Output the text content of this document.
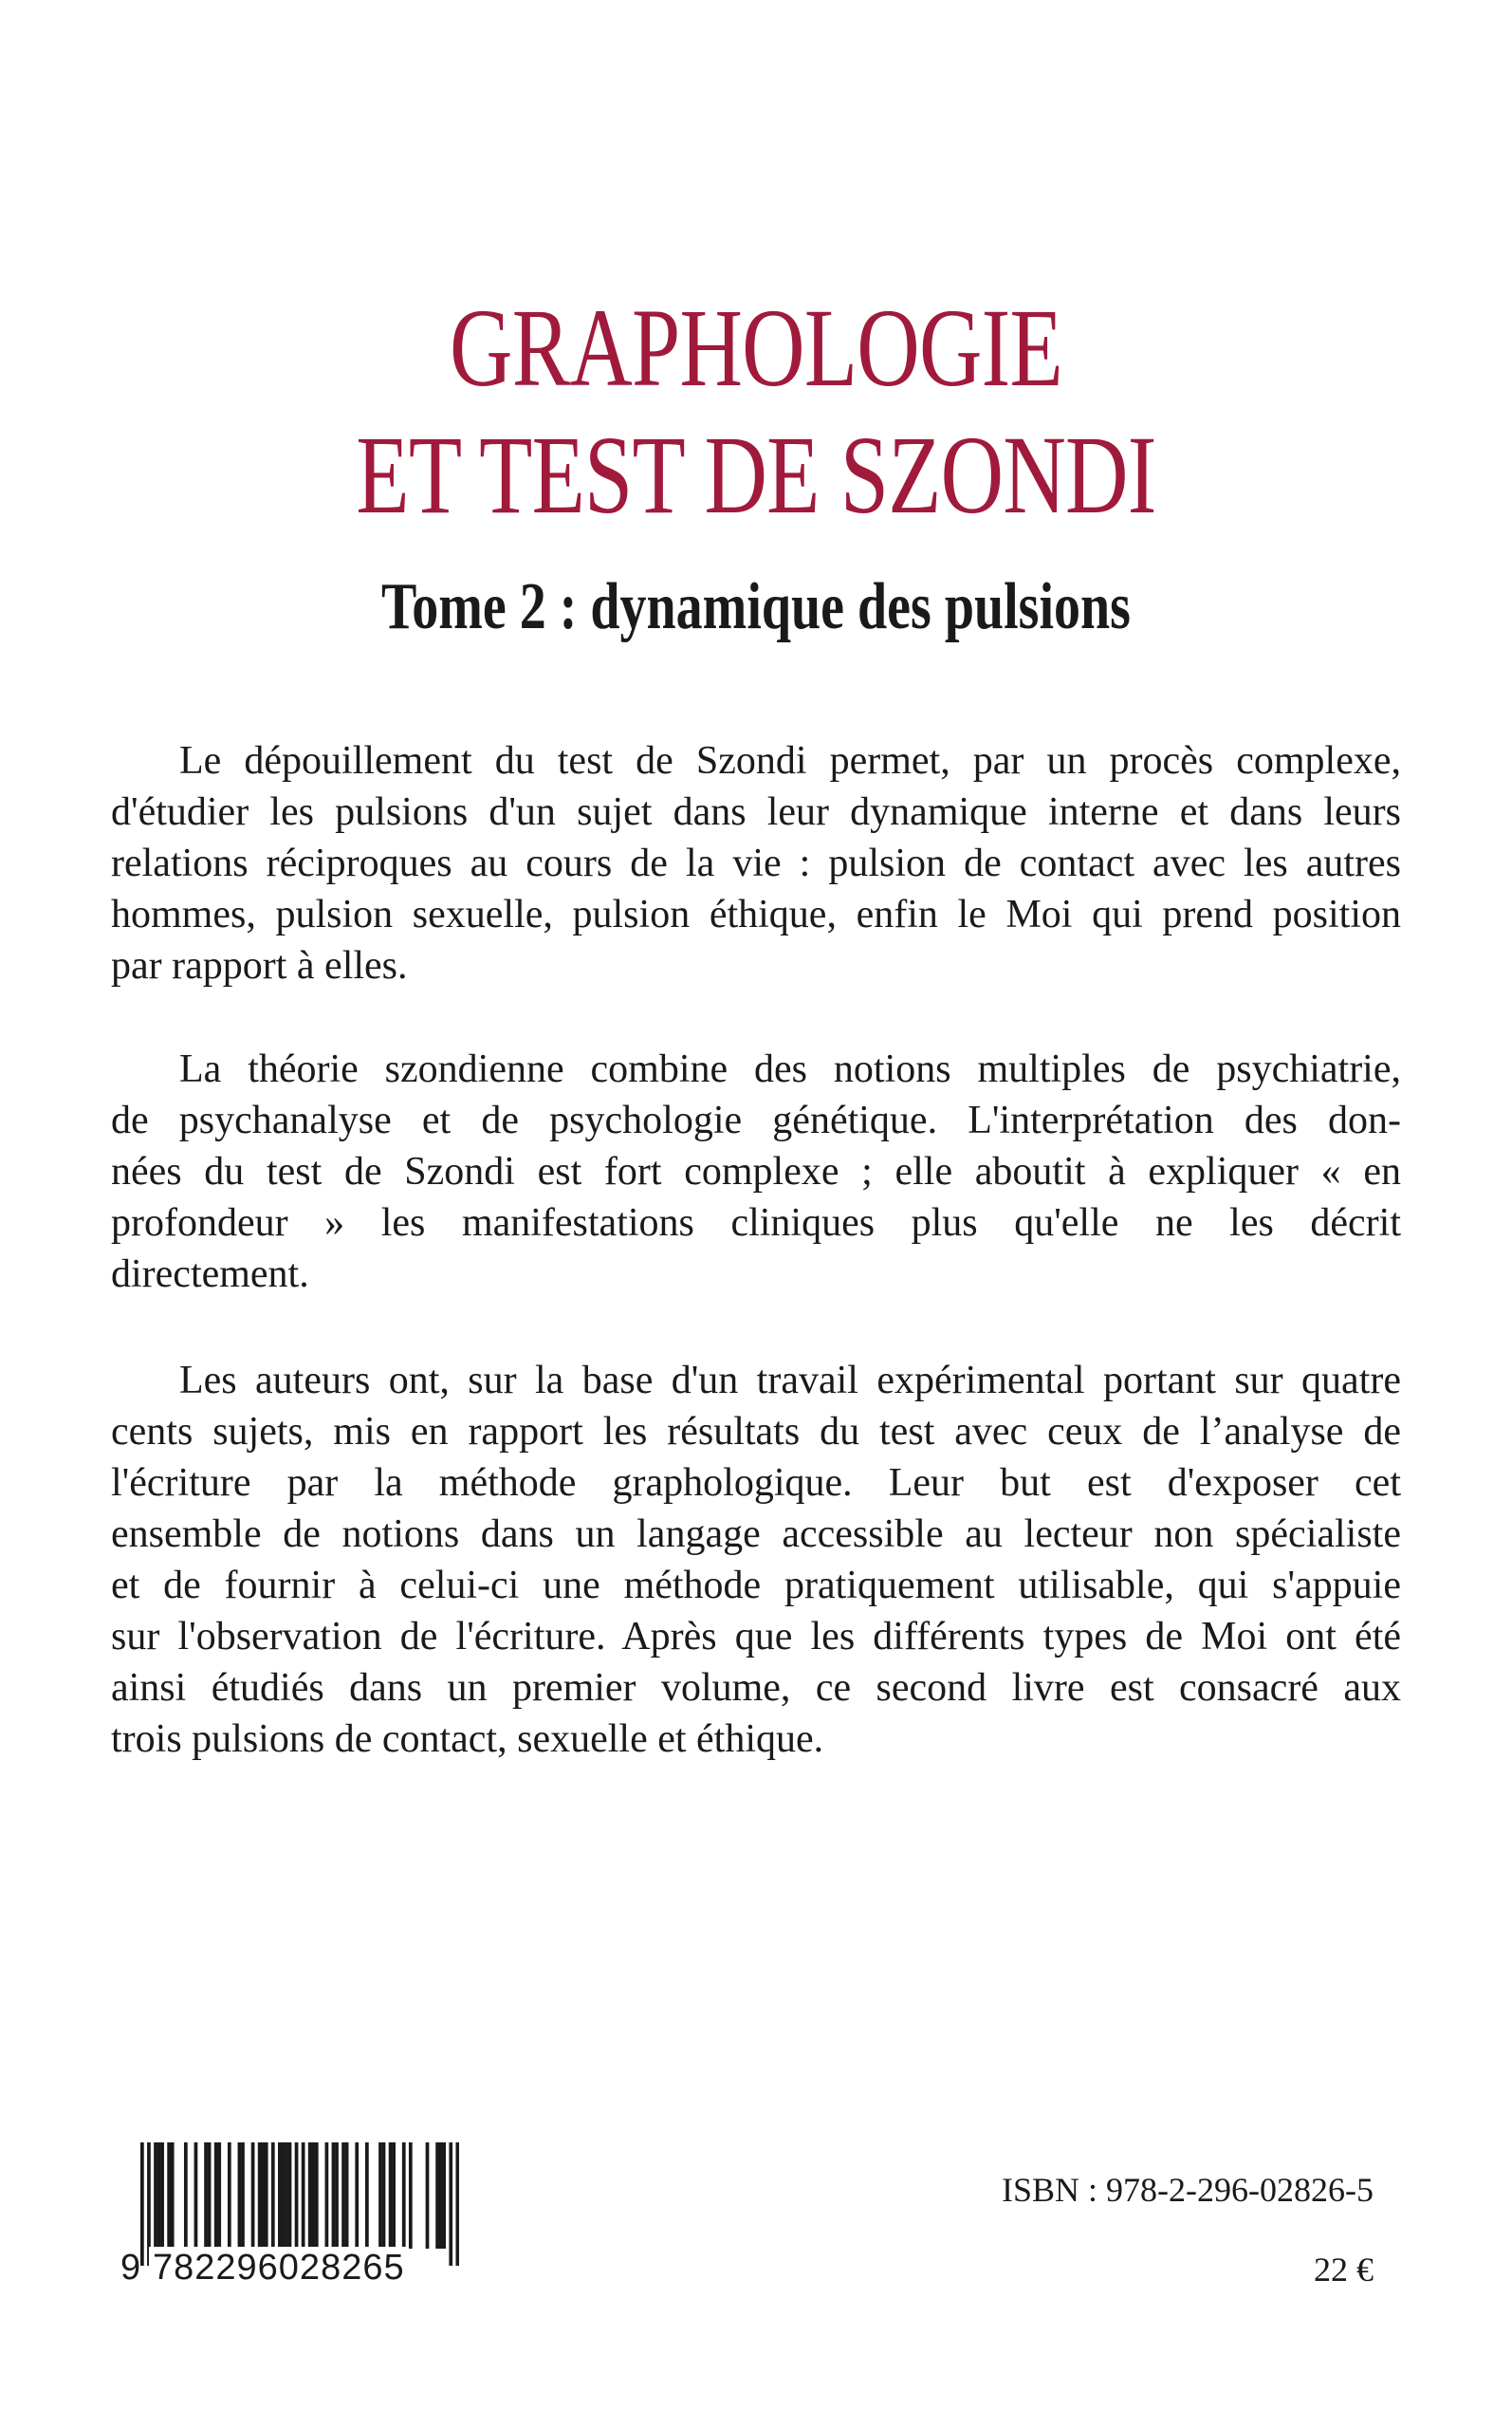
GRAPHOLOGIE
ET TEST DE SZONDI
Tome 2 : dynamique des pulsions
Le dépouillement du test de Szondi permet, par un procès complexe,
d'étudier les pulsions d'un sujet dans leur dynamique interne et dans leurs
relations réciproques au cours de la vie : pulsion de contact avec les autres
hommes, pulsion sexuelle, pulsion éthique, enfin le Moi qui prend position
par rapport à elles.
La théorie szondienne combine des notions multiples de psychiatrie,
de psychanalyse et de psychologie génétique. L'interprétation des don-
nées du test de Szondi est fort complexe ; elle aboutit à expliquer « en
profondeur » les manifestations cliniques plus qu'elle ne les décrit
directement.
Les auteurs ont, sur la base d'un travail expérimental portant sur quatre
cents sujets, mis en rapport les résultats du test avec ceux de l’analyse de
l'écriture par la méthode graphologique. Leur but est d'exposer cet
ensemble de notions dans un langage accessible au lecteur non spécialiste
et de fournir à celui-ci une méthode pratiquement utilisable, qui s'appuie
sur l'observation de l'écriture. Après que les différents types de Moi ont été
ainsi étudiés dans un premier volume, ce second livre est consacré aux
trois pulsions de contact, sexuelle et éthique.
9 782296028265
ISBN : 978-2-296-02826-5
22 €
